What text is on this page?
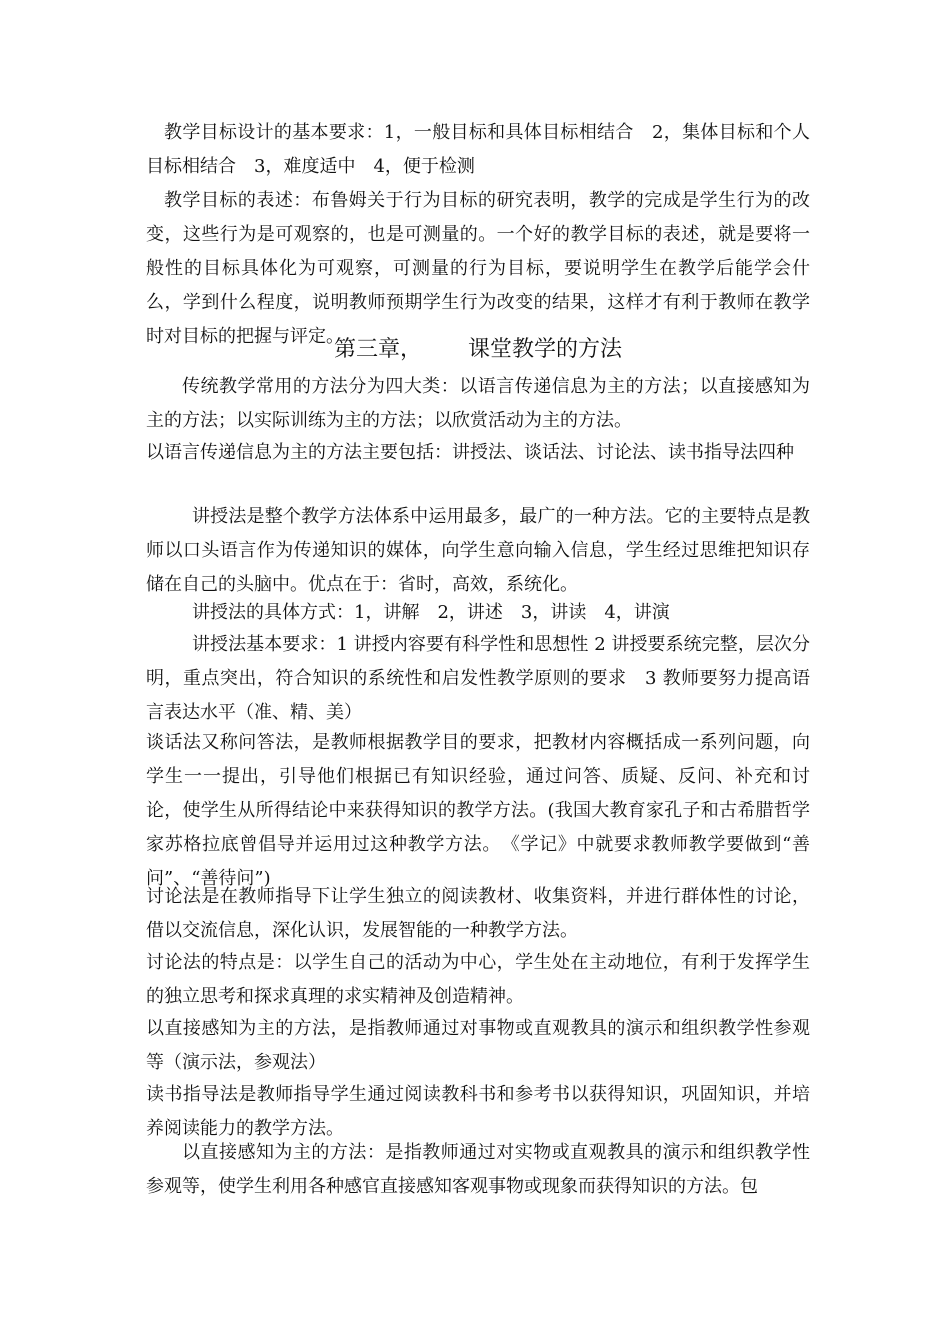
教学目标设计的基本要求：1，一般目标和具体目标相结合　2，集体目标和个人目标相结合　3，难度适中　4，便于检测

教学目标的表述：布鲁姆关于行为目标的研究表明，教学的完成是学生行为的改变，这些行为是可观察的，也是可测量的。一个好的教学目标的表述，就是要将一般性的目标具体化为可观察，可测量的行为目标，要说明学生在教学后能学会什么，学到什么程度，说明教师预期学生行为改变的结果，这样才有利于教师在教学时对目标的把握与评定。

第三章， 课堂教学的方法

传统教学常用的方法分为四大类：以语言传递信息为主的方法；以直接感知为主的方法；以实际训练为主的方法；以欣赏活动为主的方法。

以语言传递信息为主的方法主要包括：讲授法、谈话法、讨论法、读书指导法四种

讲授法是整个教学方法体系中运用最多，最广的一种方法。它的主要特点是教师以口头语言作为传递知识的媒体，向学生意向输入信息，学生经过思维把知识存储在自己的头脑中。优点在于：省时，高效，系统化。

讲授法的具体方式：1，讲解　2，讲述　3，讲读　4，讲演

讲授法基本要求：1 讲授内容要有科学性和思想性 2 讲授要系统完整，层次分明，重点突出，符合知识的系统性和启发性教学原则的要求　3 教师要努力提高语言表达水平（准、精、美）

谈话法又称问答法，是教师根据教学目的要求，把教材内容概括成一系列问题，向学生一一提出，引导他们根据已有知识经验，通过问答、质疑、反问、补充和讨论，使学生从所得结论中来获得知识的教学方法。(我国大教育家孔子和古希腊哲学家苏格拉底曾倡导并运用过这种教学方法。　《学记》中就要求教师教学要做到“善问”、“善待问”)

讨论法是在教师指导下让学生独立的阅读教材、收集资料，并进行群体性的讨论，借以交流信息，深化认识，发展智能的一种教学方法。

讨论法的特点是：以学生自己的活动为中心，学生处在主动地位，有利于发挥学生的独立思考和探求真理的求实精神及创造精神。

以直接感知为主的方法，是指教师通过对事物或直观教具的演示和组织教学性参观等（演示法，参观法）

读书指导法是教师指导学生通过阅读教科书和参考书以获得知识，巩固知识，并培养阅读能力的教学方法。

以直接感知为主的方法：是指教师通过对实物或直观教具的演示和组织教学性参观等，使学生利用各种感官直接感知客观事物或现象而获得知识的方法。包
